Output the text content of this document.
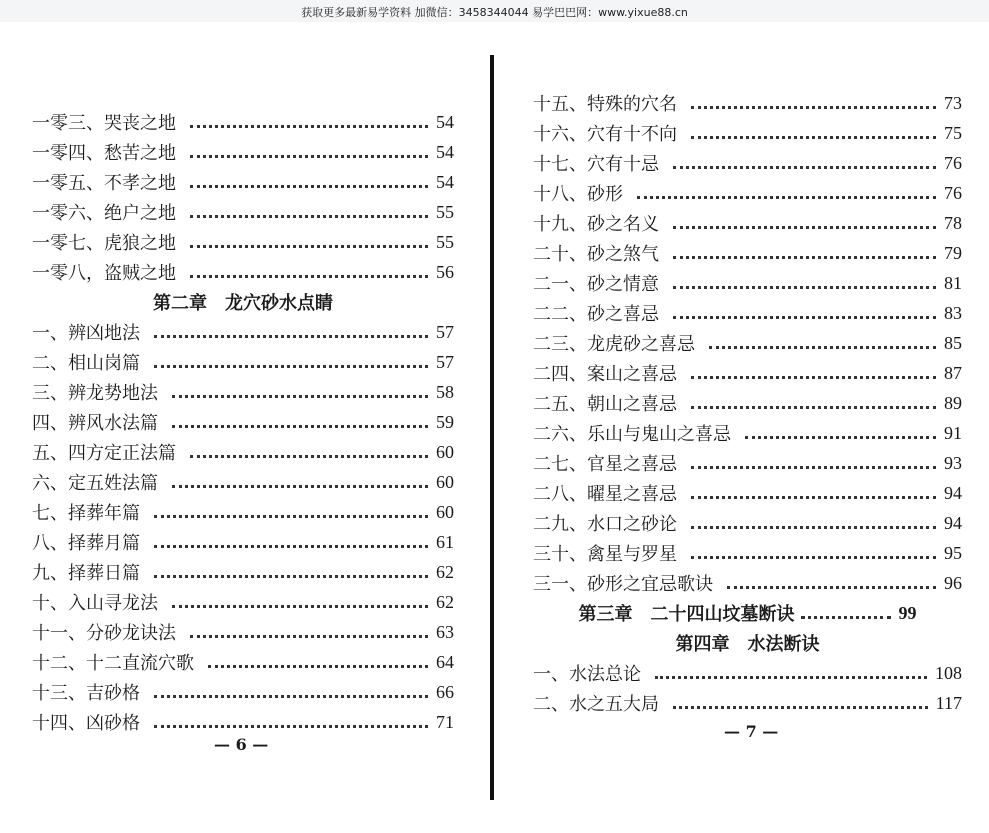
获取更多最新易学资料 加微信：3458344044 易学巴巴网：www.yixue88.cn
一零三、哭丧之地	54
一零四、愁苦之地	54
一零五、不孝之地	54
一零六、绝户之地	55
一零七、虎狼之地	55
一零八，盗贼之地	56
第二章　龙穴砂水点睛
一、辨凶地法	57
二、相山岗篇	57
三、辨龙势地法	58
四、辨风水法篇	59
五、四方定正法篇	60
六、定五姓法篇	60
七、择葬年篇	60
八、择葬月篇	61
九、择葬日篇	62
十、入山寻龙法	62
十一、分砂龙诀法	63
十二、十二直流穴歌	64
十三、吉砂格	66
十四、凶砂格	71
— 6 —
十五、特殊的穴名	73
十六、穴有十不向	75
十七、穴有十忌	76
十八、砂形	76
十九、砂之名义	78
二十、砂之煞气	79
二一、砂之情意	81
二二、砂之喜忌	83
二三、龙虎砂之喜忌	85
二四、案山之喜忌	87
二五、朝山之喜忌	89
二六、乐山与鬼山之喜忌	91
二七、官星之喜忌	93
二八、曜星之喜忌	94
二九、水口之砂论	94
三十、禽星与罗星	95
三一、砂形之宜忌歌诀	96
第三章　二十四山坟墓断诀	99
第四章　水法断诀
一、水法总论	108
二、水之五大局	117
— 7 —
